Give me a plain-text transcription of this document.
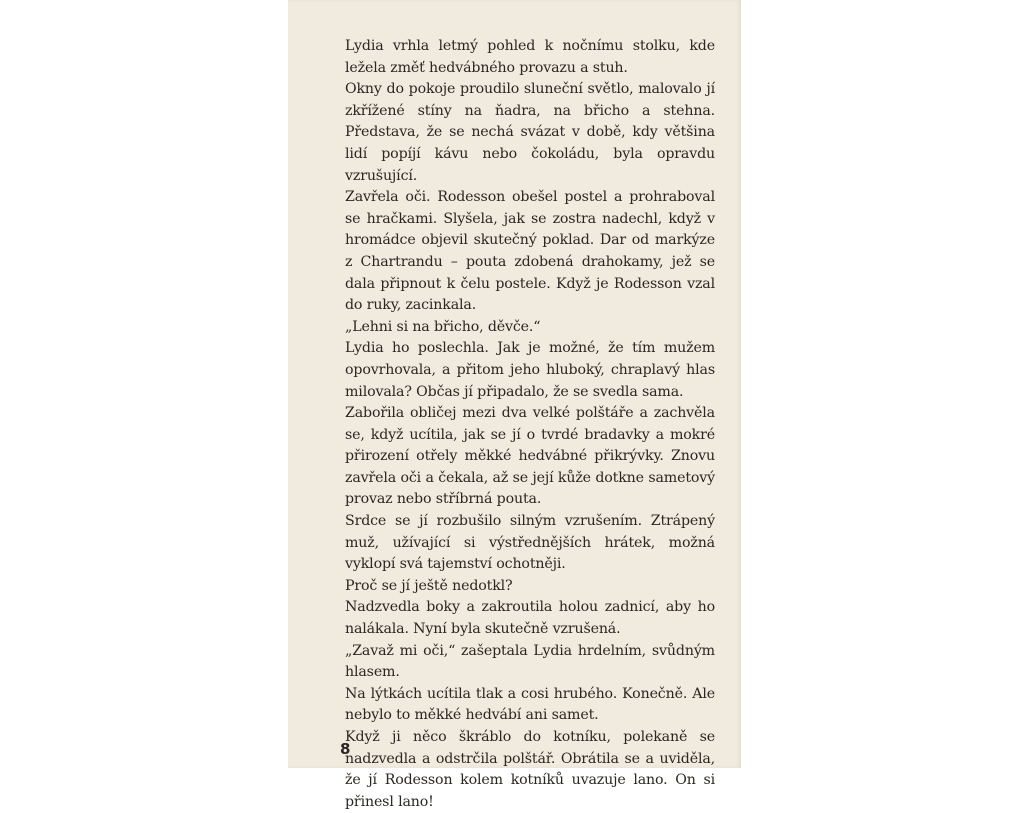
Lydia vrhla letmý pohled k nočnímu stolku, kde ležela změť hedvábného provazu a stuh.

Okny do pokoje proudilo sluneční světlo, malovalo jí zkřížené stíny na ňadra, na břicho a stehna. Představa, že se nechá svázat v době, kdy většina lidí popíjí kávu nebo čokoládu, byla opravdu vzrušující.

Zavřela oči. Rodesson obešel postel a prohraboval se hračkami. Slyšela, jak se zostra nadechl, když v hromádce objevil skutečný poklad. Dar od markýze z Chartrandu – pouta zdobená drahokamy, jež se dala připnout k čelu postele. Když je Rodesson vzal do ruky, zacinkala.

„Lehni si na břicho, děvče.“

Lydia ho poslechla. Jak je možné, že tím mužem opovrhovala, a přitom jeho hluboký, chraplavý hlas milovala? Občas jí připadalo, že se svedla sama.

Zabořila obličej mezi dva velké polštáře a zachvěla se, když ucítila, jak se jí o tvrdé bradavky a mokré přirození otřely měkké hedvábné přikrývky. Znovu zavřela oči a čekala, až se její kůže dotkne sametový provaz nebo stříbrná pouta.

Srdce se jí rozbušilo silným vzrušením. Ztrápený muž, užívající si výstřednějších hrátek, možná vyklopí svá tajemství ochotněji.

Proč se jí ještě nedotkl?

Nadzvedla boky a zakroutila holou zadnicí, aby ho nalákala. Nyní byla skutečně vzrušená.

„Zavaž mi oči,“ zašeptala Lydia hrdelním, svůdným hlasem.

Na lýtkách ucítila tlak a cosi hrubého. Konečně. Ale nebylo to měkké hedvábí ani samet.

Když ji něco škráblo do kotníku, polekaně se nadzvedla a odstrčila polštář. Obrátila se a uviděla, že jí Rodesson kolem kotníků uvazuje lano. On si přinesl lano!

8
